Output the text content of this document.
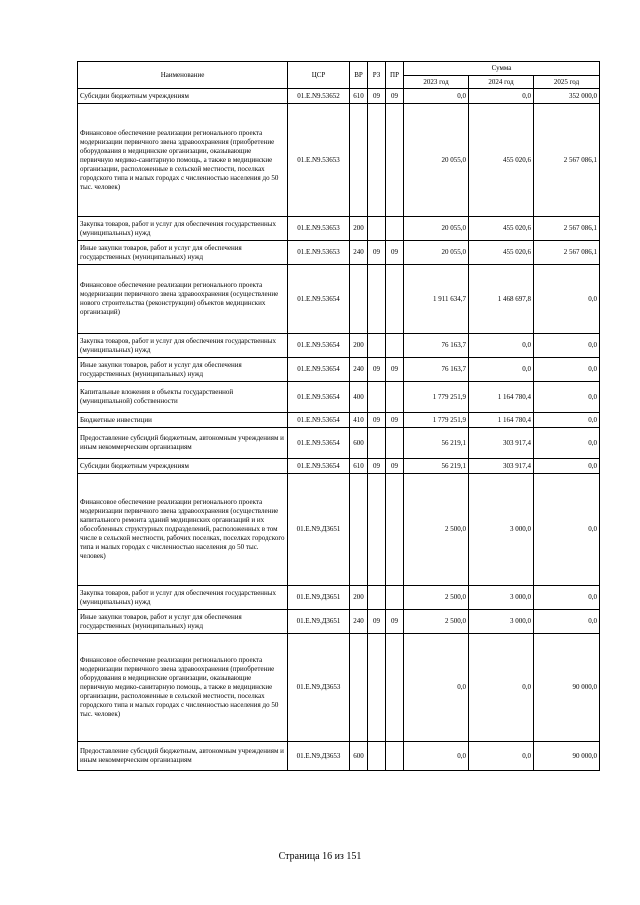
Наименование	ЦСР	ВР	РЗ	ПР	Сумма		
					2023 год	2024 год	2025 год
Субсидии бюджетным учреждениям	01.Е.N9.53652	610	09	09	0,0	0,0	352 000,0
Финансовое обеспечение реализации регионального проекта модернизации первичного звена здравоохранения (приобретение оборудования в медицинские организации, оказывающие первичную медико-санитарную помощь, а также в медицинские организации, расположенные в сельской местности, поселках городского типа и малых городах с численностью населения до 50 тыс. человек)	01.Е.N9.53653				20 055,0	455 020,6	2 567 086,1
Закупка товаров, работ и услуг для обеспечения государственных (муниципальных) нужд	01.Е.N9.53653	200			20 055,0	455 020,6	2 567 086,1
Иные закупки товаров, работ и услуг для обеспечения государственных (муниципальных) нужд	01.Е.N9.53653	240	09	09	20 055,0	455 020,6	2 567 086,1
Финансовое обеспечение реализации регионального проекта модернизации первичного звена здравоохранения (осуществление нового строительства (реконструкции) объектов медицинских организаций)	01.Е.N9.53654				1 911 634,7	1 468 697,8	0,0
Закупка товаров, работ и услуг для обеспечения государственных (муниципальных) нужд	01.Е.N9.53654	200			76 163,7	0,0	0,0
Иные закупки товаров, работ и услуг для обеспечения государственных (муниципальных) нужд	01.Е.N9.53654	240	09	09	76 163,7	0,0	0,0
Капитальные вложения в объекты государственной (муниципальной) собственности	01.Е.N9.53654	400			1 779 251,9	1 164 780,4	0,0
Бюджетные инвестиции	01.Е.N9.53654	410	09	09	1 779 251,9	1 164 780,4	0,0
Предоставление субсидий бюджетным, автономным учреждениям и иным некоммерческим организациям	01.Е.N9.53654	600			56 219,1	303 917,4	0,0
Субсидии бюджетным учреждениям	01.Е.N9.53654	610	09	09	56 219,1	303 917,4	0,0
Финансовое обеспечение реализации регионального проекта модернизации первичного звена здравоохранения (осуществление капитального ремонта зданий медицинских организаций и их обособленных структурных подразделений, расположенных в том числе в сельской местности, рабочих поселках, поселках городского типа и малых городах с численностью населения до 50 тыс. человек)	01.Е.N9.Д3651				2 500,0	3 000,0	0,0
Закупка товаров, работ и услуг для обеспечения государственных (муниципальных) нужд	01.Е.N9.Д3651	200			2 500,0	3 000,0	0,0
Иные закупки товаров, работ и услуг для обеспечения государственных (муниципальных) нужд	01.Е.N9.Д3651	240	09	09	2 500,0	3 000,0	0,0
Финансовое обеспечение реализации регионального проекта модернизации первичного звена здравоохранения (приобретение оборудования в медицинские организации, оказывающие первичную медико-санитарную помощь, а также в медицинские организации, расположенные в сельской местности, поселках городского типа и малых городах с численностью населения до 50 тыс. человек)	01.Е.N9.Д3653				0,0	0,0	90 000,0
Предоставление субсидий бюджетным, автономным учреждениям и иным некоммерческим организациям	01.Е.N9.Д3653	600			0,0	0,0	90 000,0
Страница 16 из 151
